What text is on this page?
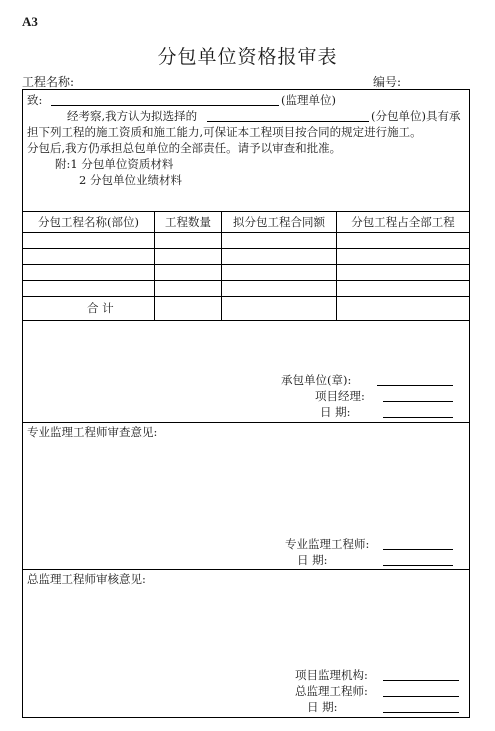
A3
分包单位资格报审表
工程名称:	编号:
致:	(监理单位)
经考察,我方认为拟选择的	(分包单位)具有承
担下列工程的施工资质和施工能力,可保证本工程项目按合同的规定进行施工。
分包后,我方仍承担总包单位的全部责任。请予以审查和批准。
附:1 分包单位资质材料
2 分包单位业绩材料
分包工程名称(部位)	工程数量	拟分包工程合同额	分包工程占全部工程
合 计
承包单位(章):
项目经理:
日 期:
专业监理工程师审查意见:
专业监理工程师:
日 期:
总监理工程师审核意见:
项目监理机构:
总监理工程师:
日 期:
